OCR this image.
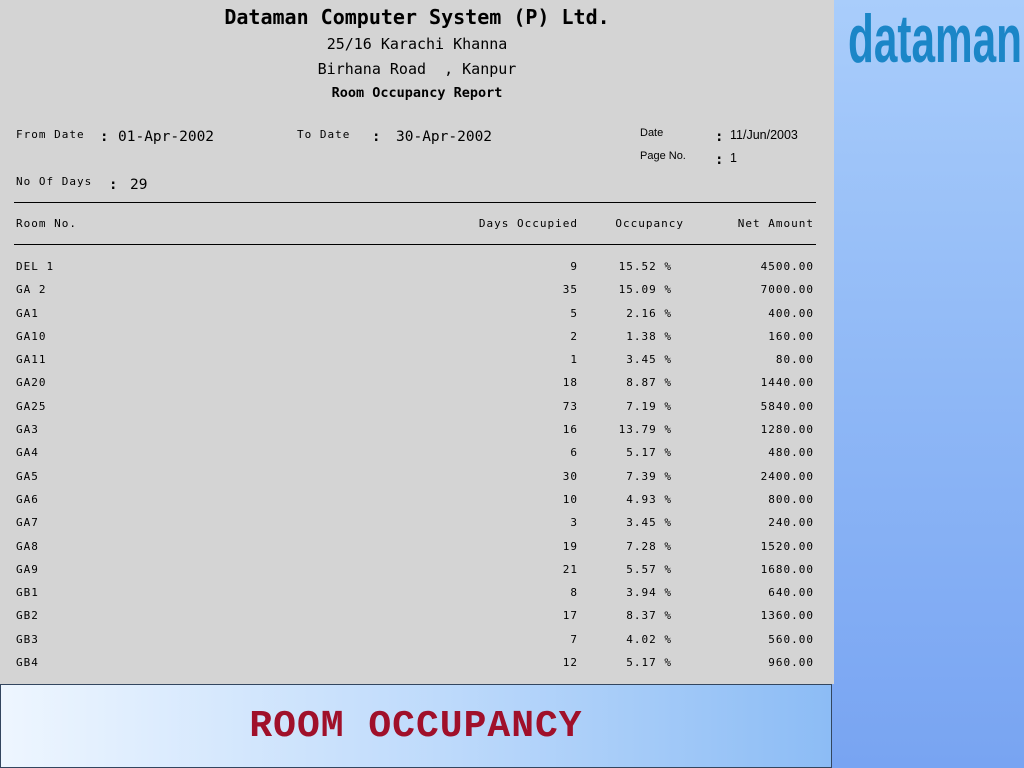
Dataman Computer System (P) Ltd.
25/16 Karachi Khanna
Birhana Road  , Kanpur
Room Occupancy Report
From Date : 01-Apr-2002	To Date : 30-Apr-2002	Date	: 11/Jun/2003
Page No. : 1
No Of Days : 29
Room No.	Days Occupied	Occupancy	Net Amount
DEL 1	9	15.52 %	4500.00
GA 2	35	15.09 %	7000.00
GA1	5	2.16 %	400.00
GA10	2	1.38 %	160.00
GA11	1	3.45 %	80.00
GA20	18	8.87 %	1440.00
GA25	73	7.19 %	5840.00
GA3	16	13.79 %	1280.00
GA4	6	5.17 %	480.00
GA5	30	7.39 %	2400.00
GA6	10	4.93 %	800.00
GA7	3	3.45 %	240.00
GA8	19	7.28 %	1520.00
GA9	21	5.57 %	1680.00
GB1	8	3.94 %	640.00
GB2	17	8.37 %	1360.00
GB3	7	4.02 %	560.00
GB4	12	5.17 %	960.00
dataman
ROOM OCCUPANCY
